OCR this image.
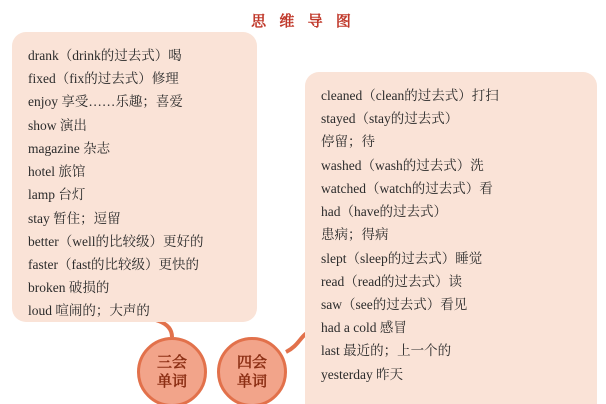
思 维 导 图
drank（drink的过去式）喝
fixed（fix的过去式）修理
enjoy 享受……乐趣；喜爱
show 演出
magazine 杂志
hotel 旅馆
lamp 台灯
stay 暂住；逗留
better（well的比较级）更好的
faster（fast的比较级）更快的
broken 破损的
loud 喧闹的；大声的
cleaned（clean的过去式）打扫
stayed（stay的过去式）
停留；待
washed（wash的过去式）洗
watched（watch的过去式）看
had（have的过去式）
患病；得病
slept（sleep的过去式）睡觉
read（read的过去式）读
saw（see的过去式）看见
had a cold 感冒
last 最近的；上一个的
yesterday 昨天
三会
单词
四会
单词
